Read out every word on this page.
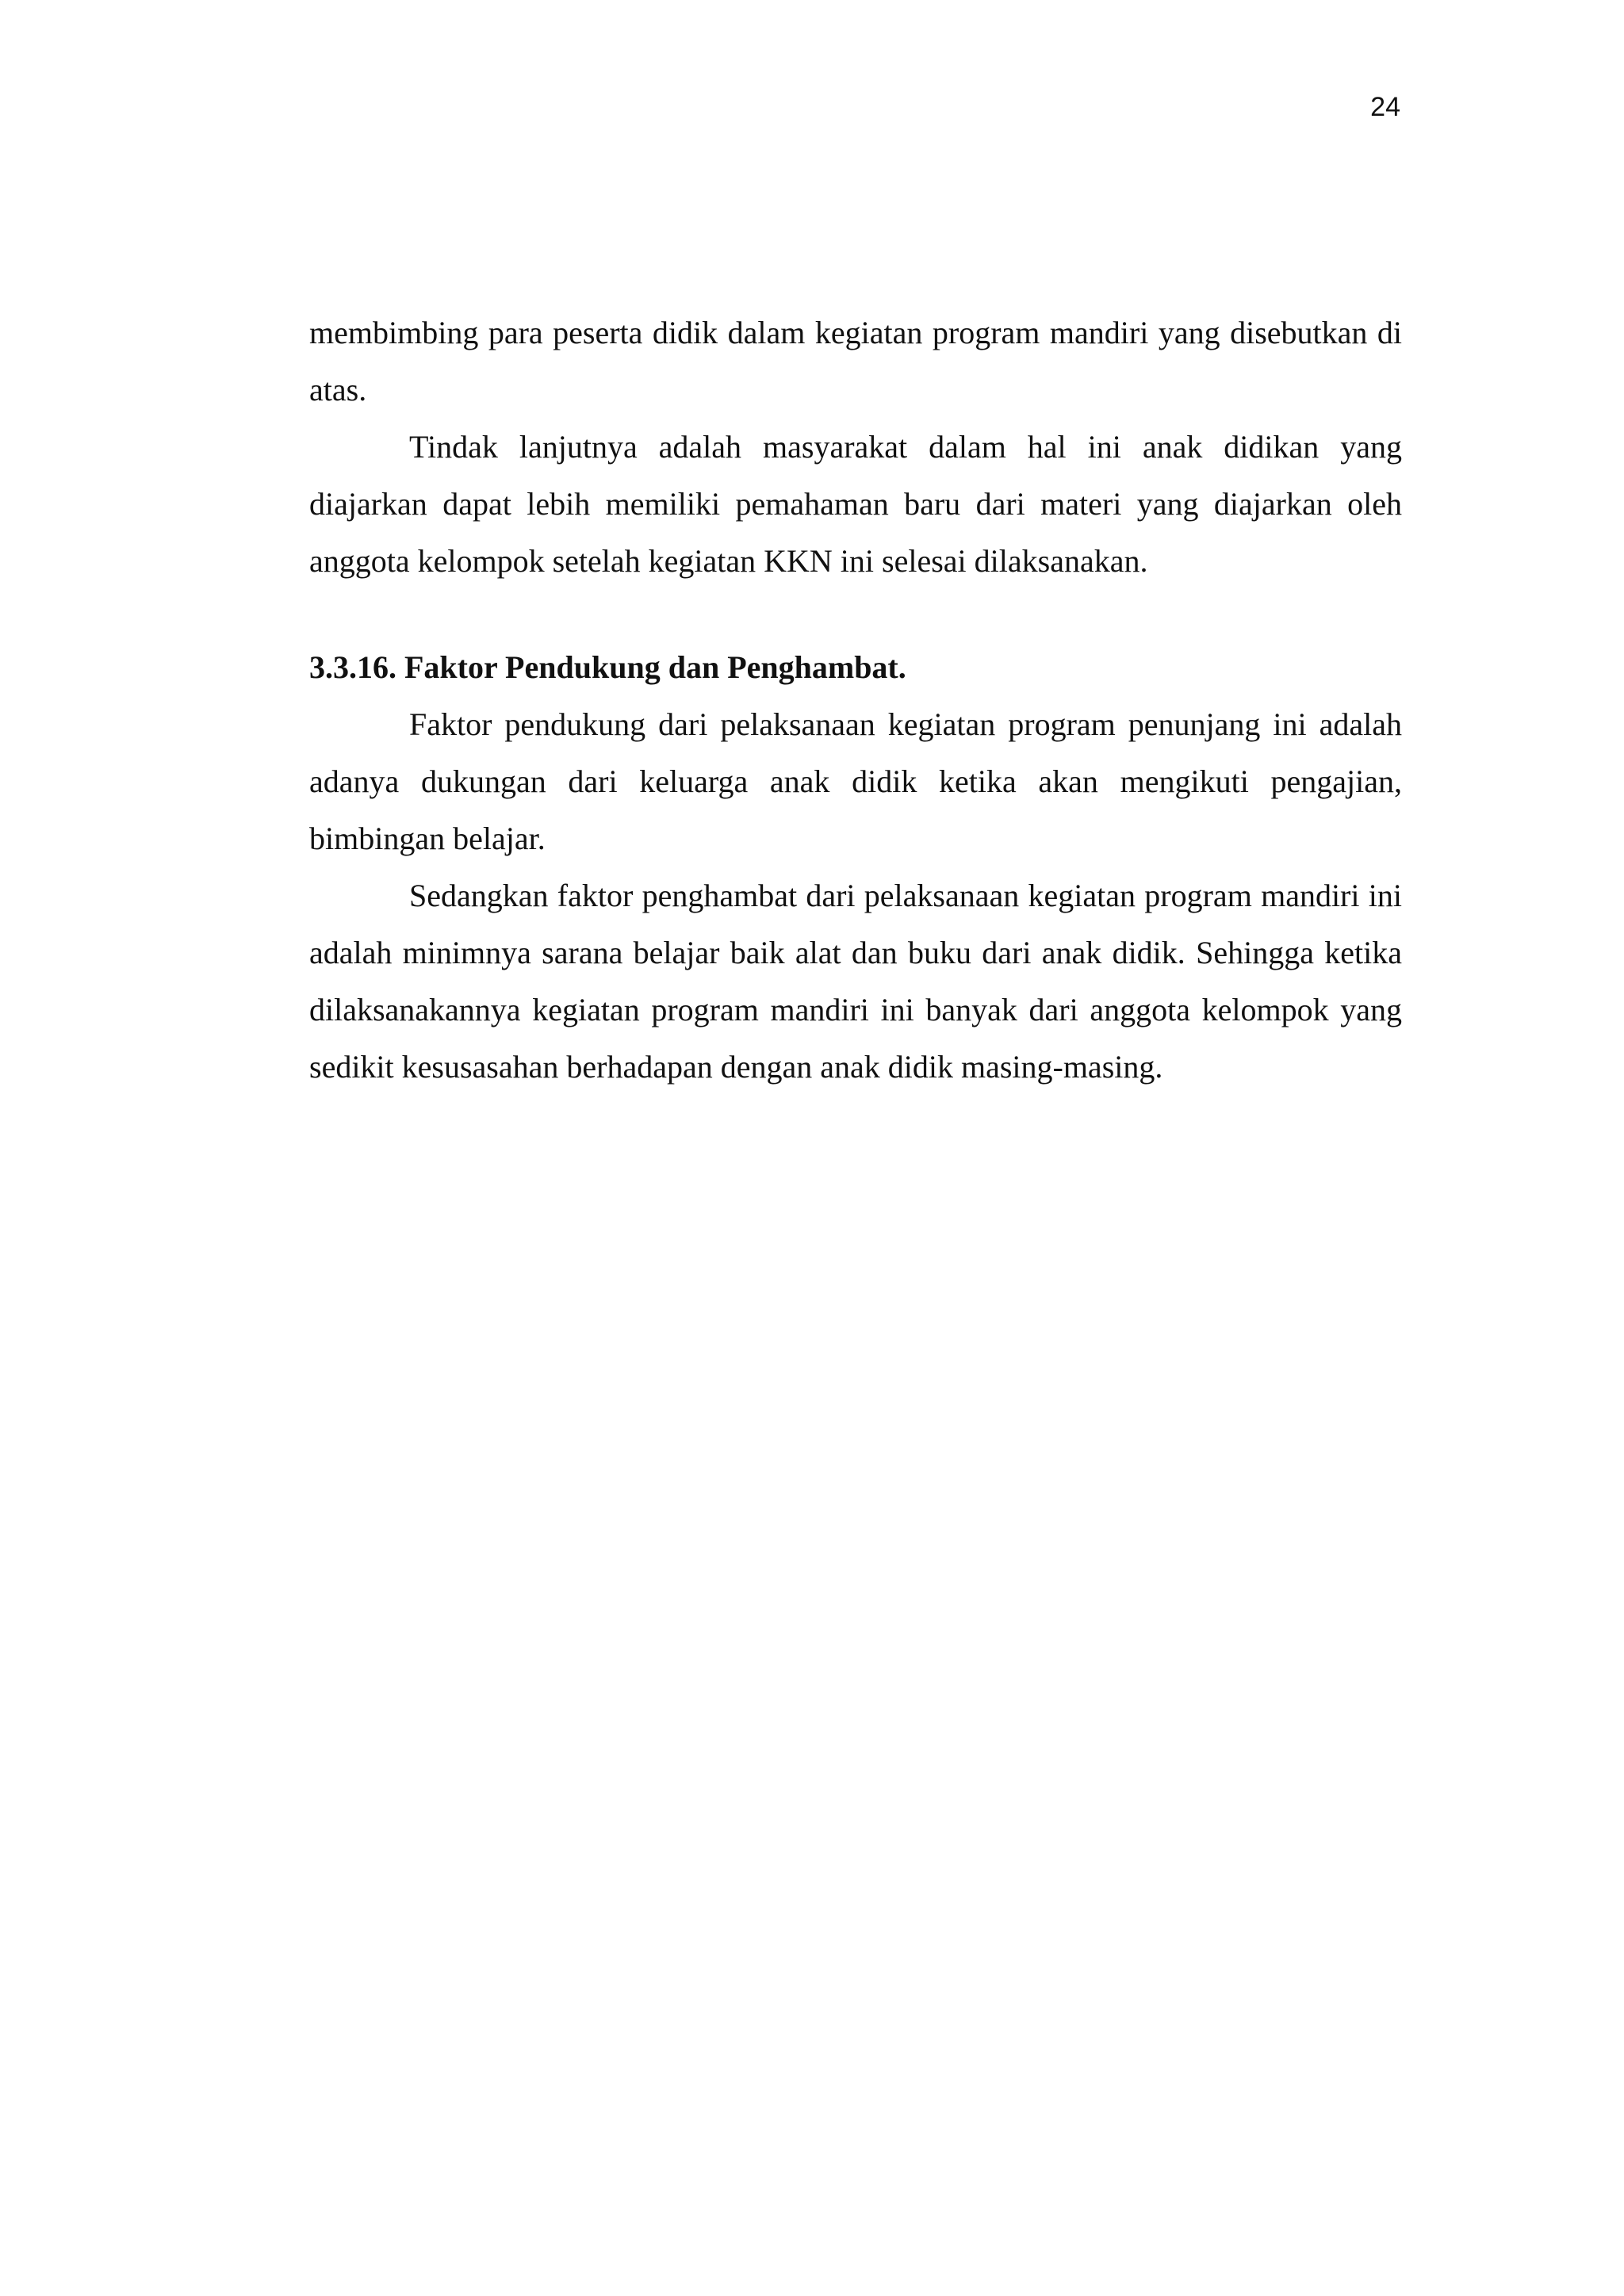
24

membimbing para peserta didik dalam kegiatan program mandiri yang disebutkan di atas.

Tindak lanjutnya adalah masyarakat dalam hal ini anak didikan yang diajarkan dapat lebih memiliki pemahaman baru dari materi yang diajarkan oleh anggota kelompok setelah kegiatan KKN ini selesai dilaksanakan.

3.3.16. Faktor Pendukung dan Penghambat.

Faktor pendukung dari pelaksanaan kegiatan program penunjang ini adalah adanya dukungan dari keluarga anak didik ketika akan mengikuti pengajian, bimbingan belajar.

Sedangkan faktor penghambat dari pelaksanaan kegiatan program mandiri ini adalah minimnya sarana belajar baik alat dan buku dari anak didik. Sehingga ketika dilaksanakannya kegiatan program mandiri ini banyak dari anggota kelompok yang sedikit kesusasahan berhadapan dengan anak didik masing-masing.
